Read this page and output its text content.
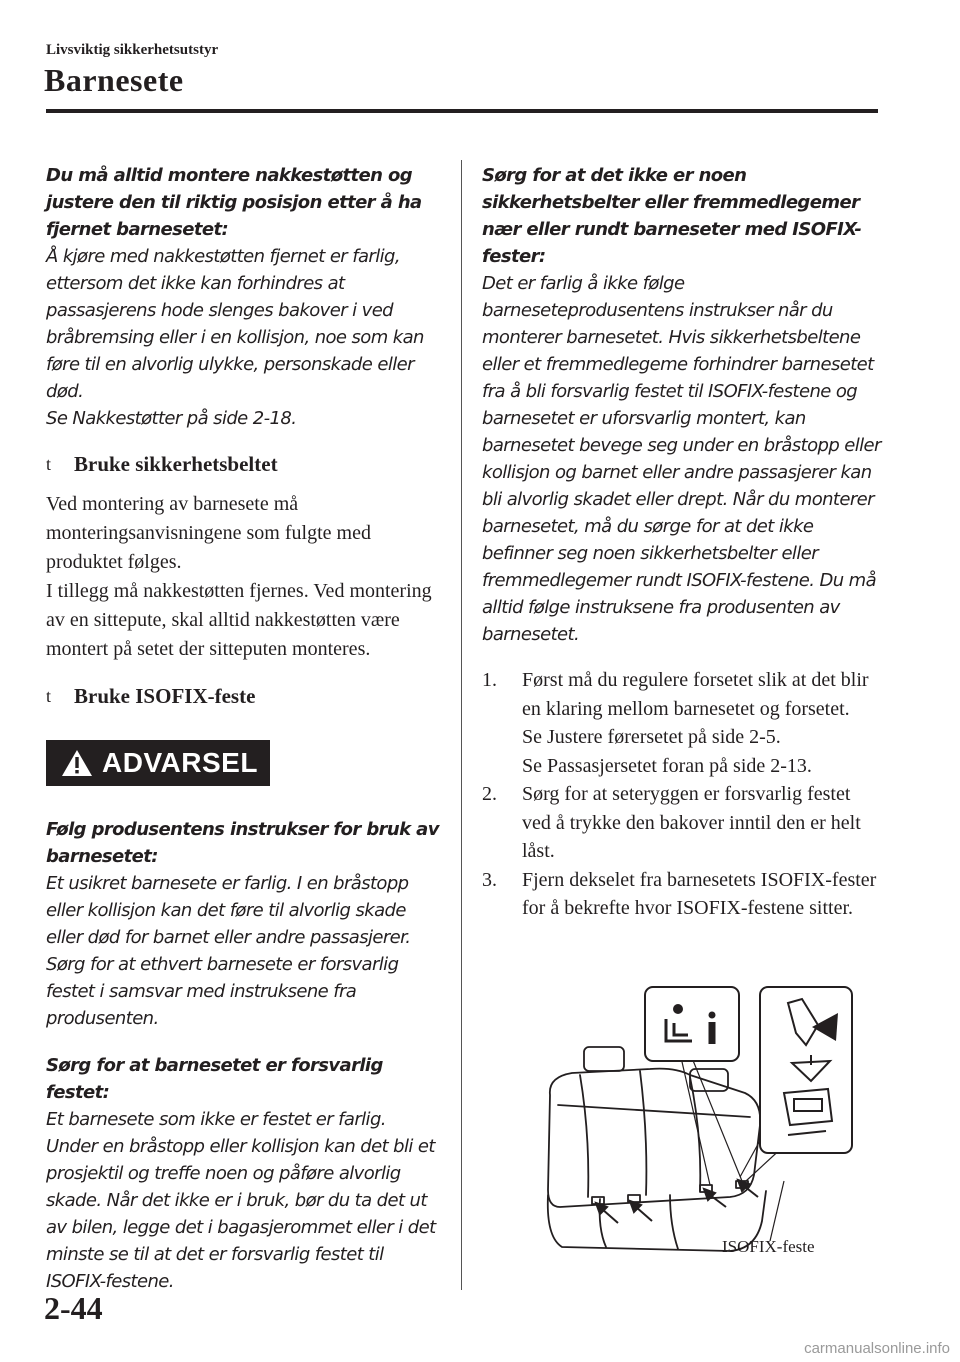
Livsviktig sikkerhetsutstyr
Barnesete
Du må alltid montere nakkestøtten og justere den til riktig posisjon etter å ha fjernet barnesetet:
Å kjøre med nakkestøtten fjernet er farlig, ettersom det ikke kan forhindres at passasjerens hode slenges bakover i ved bråbremsing eller i en kollisjon, noe som kan føre til en alvorlig ulykke, personskade eller død.
Se Nakkestøtter på side 2-18.
t Bruke sikkerhetsbeltet
Ved montering av barnesete må monteringsanvisningene som fulgte med produktet følges.
I tillegg må nakkestøtten fjernes. Ved montering av en sittepute, skal alltid nakkestøtten være montert på setet der sitteputen monteres.
t Bruke ISOFIX-feste
ADVARSEL
Følg produsentens instrukser for bruk av barnesetet:
Et usikret barnesete er farlig. I en bråstopp eller kollisjon kan det føre til alvorlig skade eller død for barnet eller andre passasjerer. Sørg for at ethvert barnesete er forsvarlig festet i samsvar med instruksene fra produsenten.
Sørg for at barnesetet er forsvarlig festet:
Et barnesete som ikke er festet er farlig. Under en bråstopp eller kollisjon kan det bli et prosjektil og treffe noen og påføre alvorlig skade. Når det ikke er i bruk, bør du ta det ut av bilen, legge det i bagasjerommet eller i det minste se til at det er forsvarlig festet til ISOFIX-festene.
Sørg for at det ikke er noen sikkerhetsbelter eller fremmedlegemer nær eller rundt barneseter med ISOFIX-fester:
Det er farlig å ikke følge barneseteprodusentens instrukser når du monterer barnesetet. Hvis sikkerhetsbeltene eller et fremmedlegeme forhindrer barnesetet fra å bli forsvarlig festet til ISOFIX-festene og barnesetet er uforsvarlig montert, kan barnesetet bevege seg under en bråstopp eller kollisjon og barnet eller andre passasjerer kan bli alvorlig skadet eller drept. Når du monterer barnesetet, må du sørge for at det ikke befinner seg noen sikkerhetsbelter eller fremmedlegemer rundt ISOFIX-festene. Du må alltid følge instruksene fra produsenten av barnesetet.
1. Først må du regulere forsetet slik at det blir en klaring mellom barnesetet og forsetet.
Se Justere førersetet på side 2-5.
Se Passasjersetet foran på side 2-13.
2. Sørg for at seteryggen er forsvarlig festet ved å trykke den bakover inntil den er helt låst.
3. Fjern dekselet fra barnesetets ISOFIX-fester for å bekrefte hvor ISOFIX-festene sitter.
ISOFIX-feste
2-44
carmanualsonline.info
